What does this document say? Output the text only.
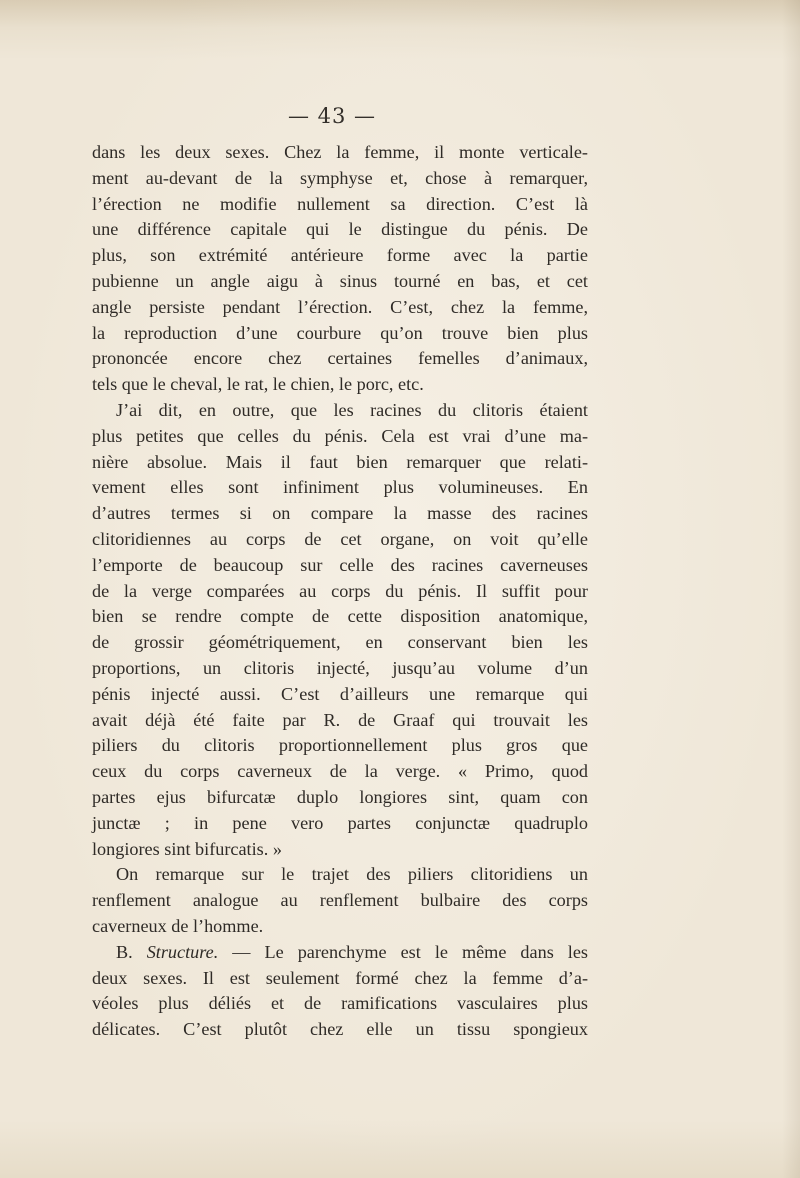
— 43 —
dans les deux sexes. Chez la femme, il monte verticale-
ment au-devant de la symphyse et, chose à remarquer,
l’érection ne modifie nullement sa direction. C’est là
une différence capitale qui le distingue du pénis. De
plus, son extrémité antérieure forme avec la partie
pubienne un angle aigu à sinus tourné en bas, et cet
angle persiste pendant l’érection. C’est, chez la femme,
la reproduction d’une courbure qu’on trouve bien plus
prononcée encore chez certaines femelles d’animaux,
tels que le cheval, le rat, le chien, le porc, etc.
J’ai dit, en outre, que les racines du clitoris étaient
plus petites que celles du pénis. Cela est vrai d’une ma-
nière absolue. Mais il faut bien remarquer que relati-
vement elles sont infiniment plus volumineuses. En
d’autres termes si on compare la masse des racines
clitoridiennes au corps de cet organe, on voit qu’elle
l’emporte de beaucoup sur celle des racines caverneuses
de la verge comparées au corps du pénis. Il suffit pour
bien se rendre compte de cette disposition anatomique,
de grossir géométriquement, en conservant bien les
proportions, un clitoris injecté, jusqu’au volume d’un
pénis injecté aussi. C’est d’ailleurs une remarque qui
avait déjà été faite par R. de Graaf qui trouvait les
piliers du clitoris proportionnellement plus gros que
ceux du corps caverneux de la verge. « Primo, quod
partes ejus bifurcatæ duplo longiores sint, quam con
junctæ ; in pene vero partes conjunctæ quadruplo
longiores sint bifurcatis. »
On remarque sur le trajet des piliers clitoridiens un
renflement analogue au renflement bulbaire des corps
caverneux de l’homme.
B. Structure. — Le parenchyme est le même dans les
deux sexes. Il est seulement formé chez la femme d’a-
véoles plus déliés et de ramifications vasculaires plus
délicates. C’est plutôt chez elle un tissu spongieux
